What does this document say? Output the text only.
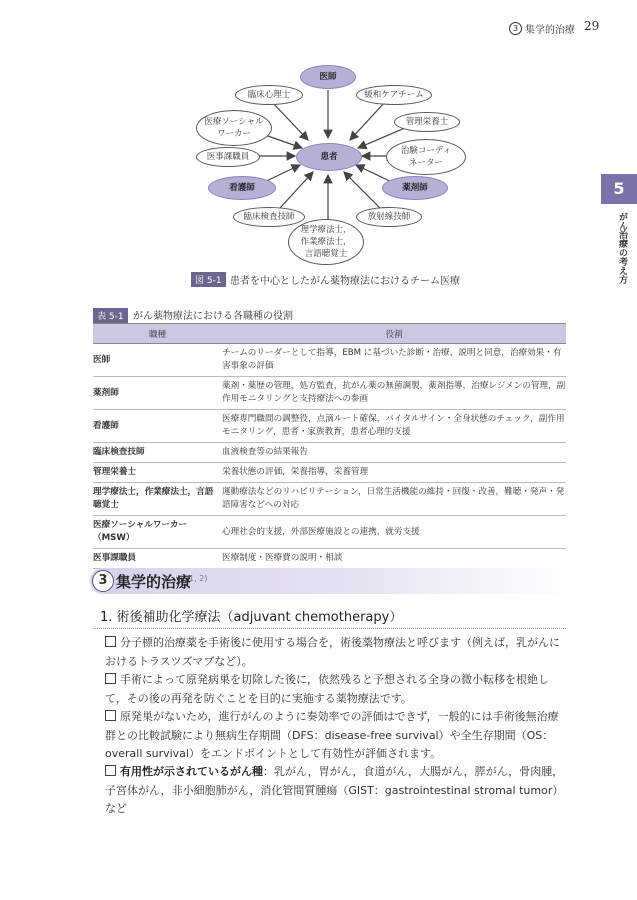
3 集学的治療 29
5
がん治療の考え方
医師
臨床心理士	緩和ケアチーム
医療ソーシャル
ワーカー
管理栄養士
医事課職員	患者
治験コーディ
ネーター
看護師	薬剤師
臨床検査技師	放射線技師
理学療法士，
作業療法士，
言語聴覚士
図 5-1 患者を中心としたがん薬物療法におけるチーム医療
表 5-1 がん薬物療法における各職種の役割
職種	役割
医師	チームのリーダーとして指導，EBM に基づいた診断・治療，説明と同意，治療効果・有害事象の評価
薬剤師	薬剤・薬歴の管理，処方監査，抗がん薬の無菌調製，薬剤指導，治療レジメンの管理，副作用モニタリングと支持療法への参画
看護師	医療専門職間の調整役，点滴ルート確保，バイタルサイン・全身状態のチェック，副作用モニタリング，患者・家族教育，患者心理的支援
臨床検査技師	血液検査等の結果報告
管理栄養士	栄養状態の評価，栄養指導，栄養管理
理学療法士，作業療法士，言語聴覚士	運動療法などのリハビリテーション，日常生活機能の維持・回復・改善，難聴・発声・発語障害などへの対応
医療ソーシャルワーカー（MSW）	心理社会的支援，外部医療施設との連携，就労支援
医事課職員	医療制度・医療費の説明・相談
3 集学的治療
1, 2)
1. 術後補助化学療法（adjuvant chemotherapy）
分子標的治療薬を手術後に使用する場合を，術後薬物療法と呼びます（例えば，乳がんにおけるトラスツズマブなど）。
手術によって原発病巣を切除した後に，依然残ると予想される全身の微小転移を根絶して，その後の再発を防ぐことを目的に実施する薬物療法です。
原発巣がないため，進行がんのように奏効率での評価はできず，一般的には手術後無治療群との比較試験により無病生存期間（DFS：disease-free survival）や全生存期間（OS：overall survival）をエンドポイントとして有効性が評価されます。
有用性が示されているがん種：乳がん，胃がん，食道がん，大腸がん，膵がん，骨肉腫，子宮体がん，非小細胞肺がん，消化管間質腫瘍（GIST：gastrointestinal stromal tumor）など
